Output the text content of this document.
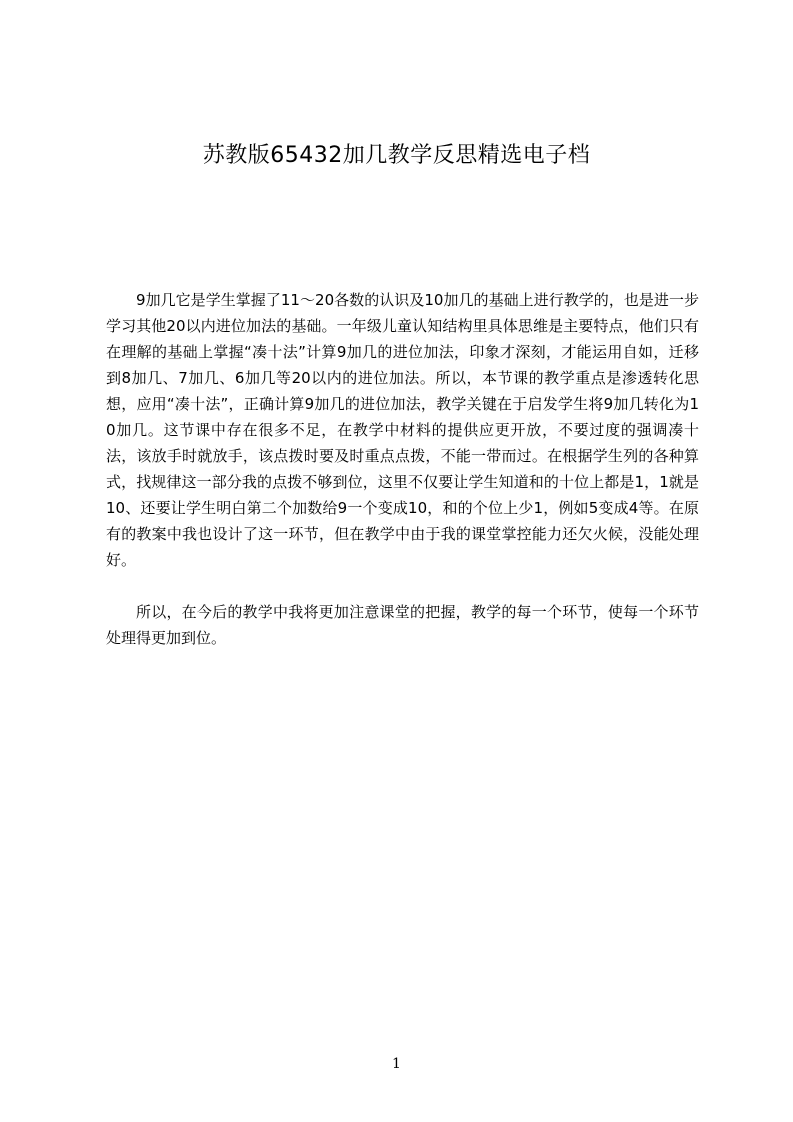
苏教版65432加几教学反思精选电子档

9加几它是学生掌握了11～20各数的认识及10加几的基础上进行教学的，也是进一步学习其他20以内进位加法的基础。一年级儿童认知结构里具体思维是主要特点，他们只有在理解的基础上掌握“凑十法”计算9加几的进位加法，印象才深刻，才能运用自如，迁移到8加几、7加几、6加几等20以内的进位加法。所以，本节课的教学重点是渗透转化思想，应用“凑十法”，正确计算9加几的进位加法，教学关键在于启发学生将9加几转化为10加几。这节课中存在很多不足，在教学中材料的提供应更开放，不要过度的强调凑十法，该放手时就放手，该点拨时要及时重点点拨，不能一带而过。在根据学生列的各种算式，找规律这一部分我的点拨不够到位，这里不仅要让学生知道和的十位上都是1，1就是10、还要让学生明白第二个加数给9一个变成10，和的个位上少1，例如5变成4等。在原有的教案中我也设计了这一环节，但在教学中由于我的课堂掌控能力还欠火候，没能处理好。

所以，在今后的教学中我将更加注意课堂的把握，教学的每一个环节，使每一个环节处理得更加到位。

1
